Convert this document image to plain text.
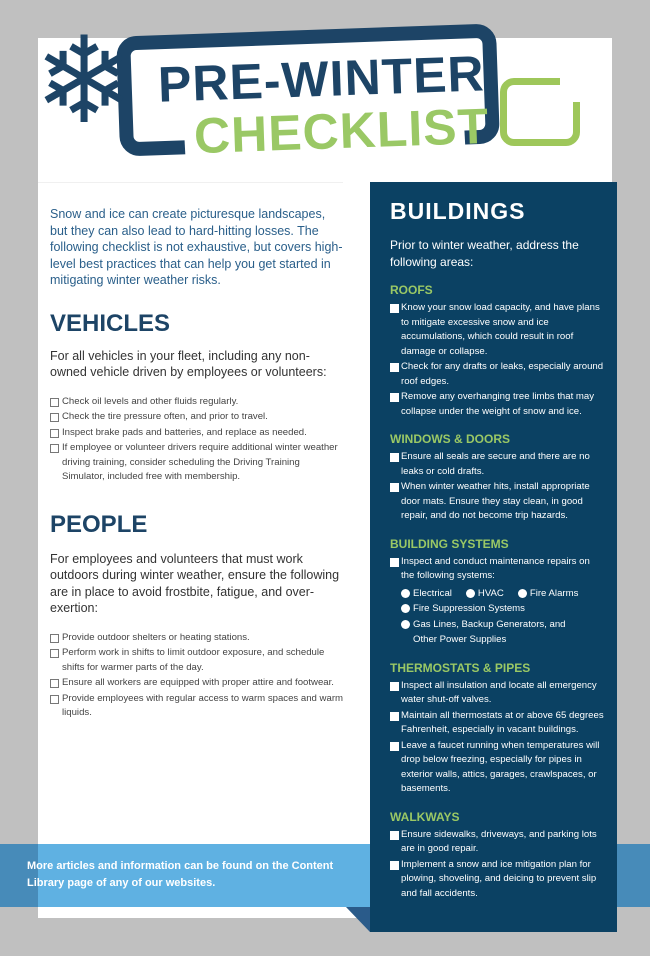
❄ PRE-WINTER
CHECKLIST

Snow and ice can create picturesque landscapes, but they can also lead to hard-hitting losses. The following checklist is not exhaustive, but covers high-level best practices that can help you get started in mitigating winter weather risks.

VEHICLES

For all vehicles in your fleet, including any non-owned vehicle driven by employees or volunteers:

Check oil levels and other fluids regularly.
Check the tire pressure often, and prior to travel.
Inspect brake pads and batteries, and replace as needed.
If employee or volunteer drivers require additional winter weather driving training, consider scheduling the Driving Training Simulator, included free with membership.
PEOPLE

For employees and volunteers that must work outdoors during winter weather, ensure the following are in place to avoid frostbite, fatigue, and over-exertion:

Provide outdoor shelters or heating stations.
Perform work in shifts to limit outdoor exposure, and schedule shifts for warmer parts of the day.
Ensure all workers are equipped with proper attire and footwear.
Provide employees with regular access to warm spaces and warm liquids.
More articles and information can be found on the Content Library page of any of our websites.
BUILDINGS

Prior to winter weather, address the following areas:

ROOFS
Know your snow load capacity, and have plans to mitigate excessive snow and ice accumulations, which could result in roof damage or collapse.
Check for any drafts or leaks, especially around roof edges.
Remove any overhanging tree limbs that may collapse under the weight of snow and ice.
WINDOWS & DOORS
Ensure all seals are secure and there are no leaks or cold drafts.
When winter weather hits, install appropriate door mats. Ensure they stay clean, in good repair, and do not become trip hazards.
BUILDING SYSTEMS
Inspect and conduct maintenance repairs on the following systems:
Electrical	HVAC	Fire Alarms
Fire Suppression Systems
Gas Lines, Backup Generators, and Other Power Supplies
THERMOSTATS & PIPES
Inspect all insulation and locate all emergency water shut-off valves.
Maintain all thermostats at or above 65 degrees Fahrenheit, especially in vacant buildings.
Leave a faucet running when temperatures will drop below freezing, especially for pipes in exterior walls, attics, garages, crawlspaces, or basements.
WALKWAYS
Ensure sidewalks, driveways, and parking lots are in good repair.
Implement a snow and ice mitigation plan for plowing, shoveling, and deicing to prevent slip and fall accidents.
